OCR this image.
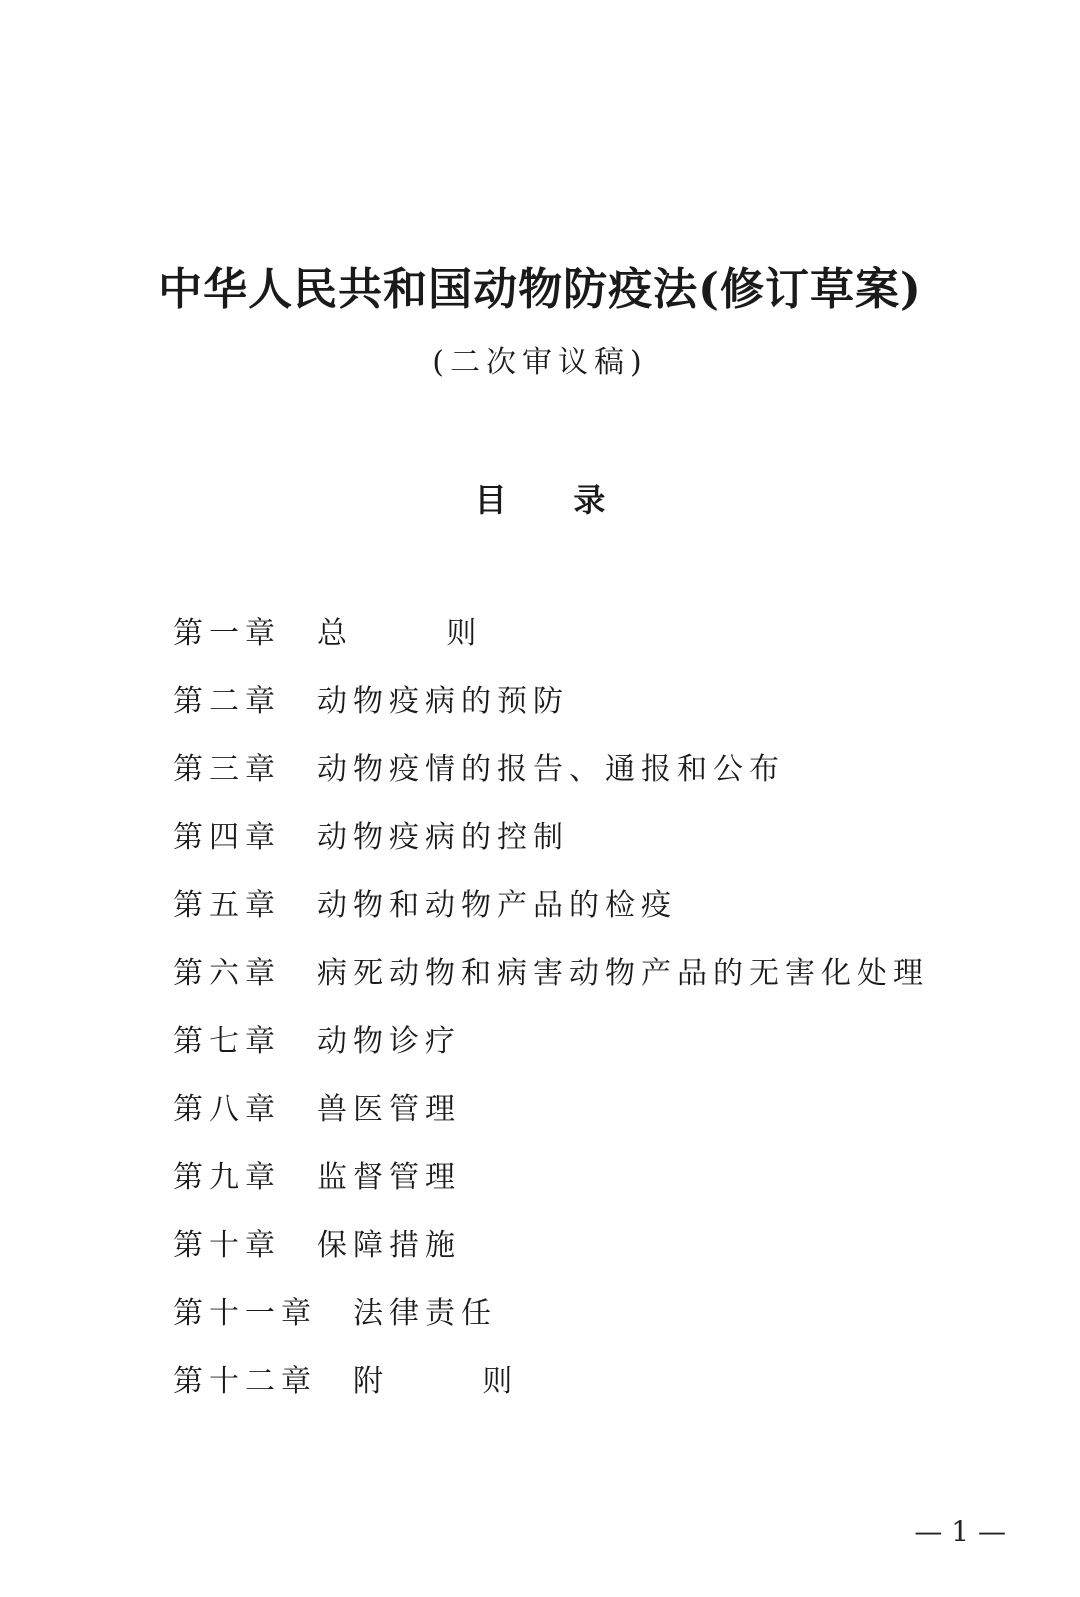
中华人民共和国动物防疫法(修订草案)
(二次审议稿)
目      录
第一章 总      则
第二章 动物疫病的预防
第三章 动物疫情的报告、通报和公布
第四章 动物疫病的控制
第五章 动物和动物产品的检疫
第六章 病死动物和病害动物产品的无害化处理
第七章 动物诊疗
第八章 兽医管理
第九章 监督管理
第十章 保障措施
第十一章 法律责任
第十二章 附      则
— 1 —
